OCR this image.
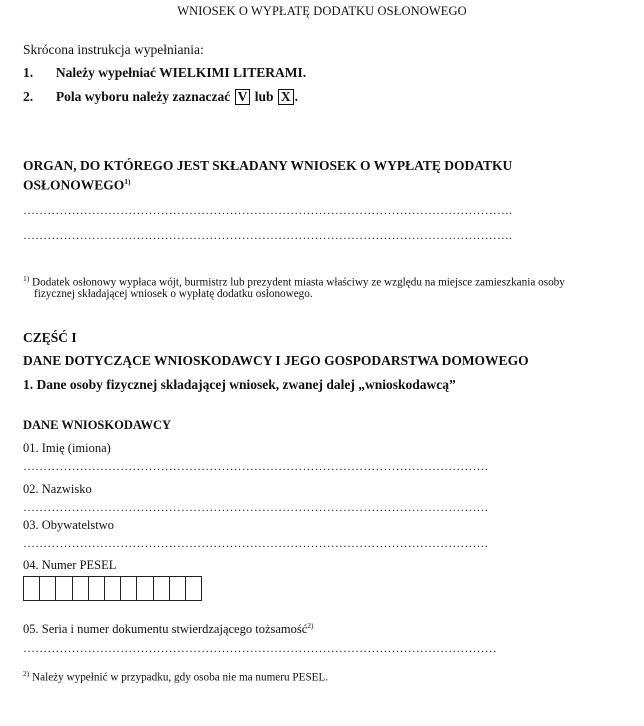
WNIOSEK O WYPŁATĘ DODATKU OSŁONOWEGO
Skrócona instrukcja wypełniania:
1. Należy wypełniać WIELKIMI LITERAMI.
2. Pola wyboru należy zaznaczać V lub X .
ORGAN, DO KTÓREGO JEST SKŁADANY WNIOSEK O WYPŁATĘ DODATKU
OSŁONOWEGO$^{1)}$
………………………………………………………………………………………………………….
………………………………………………………………………………………………………….
$^{1)}$ Dodatek osłonowy wypłaca wójt, burmistrz lub prezydent miasta właściwy ze względu na miejsce zamieszkania osoby
fizycznej składającej wniosek o wypłatę dodatku osłonowego.
CZĘŚĆ I
DANE DOTYCZĄCE WNIOSKODAWCY I JEGO GOSPODARSTWA DOMOWEGO
1. Dane osoby fizycznej składającej wniosek, zwanej dalej „wnioskodawcą”
DANE WNIOSKODAWCY
01. Imię (imiona)
…………………………………………………………………………………………………….
02. Nazwisko
…………………………………………………………………………………………………….
03. Obywatelstwo
…………………………………………………………………………………………………….
04. Numer PESEL
05. Seria i numer dokumentu stwierdzającego tożsamość$^{2)}$
………………………………………………………………………………………………………
$^{2)}$ Należy wypełnić w przypadku, gdy osoba nie ma numeru PESEL.
